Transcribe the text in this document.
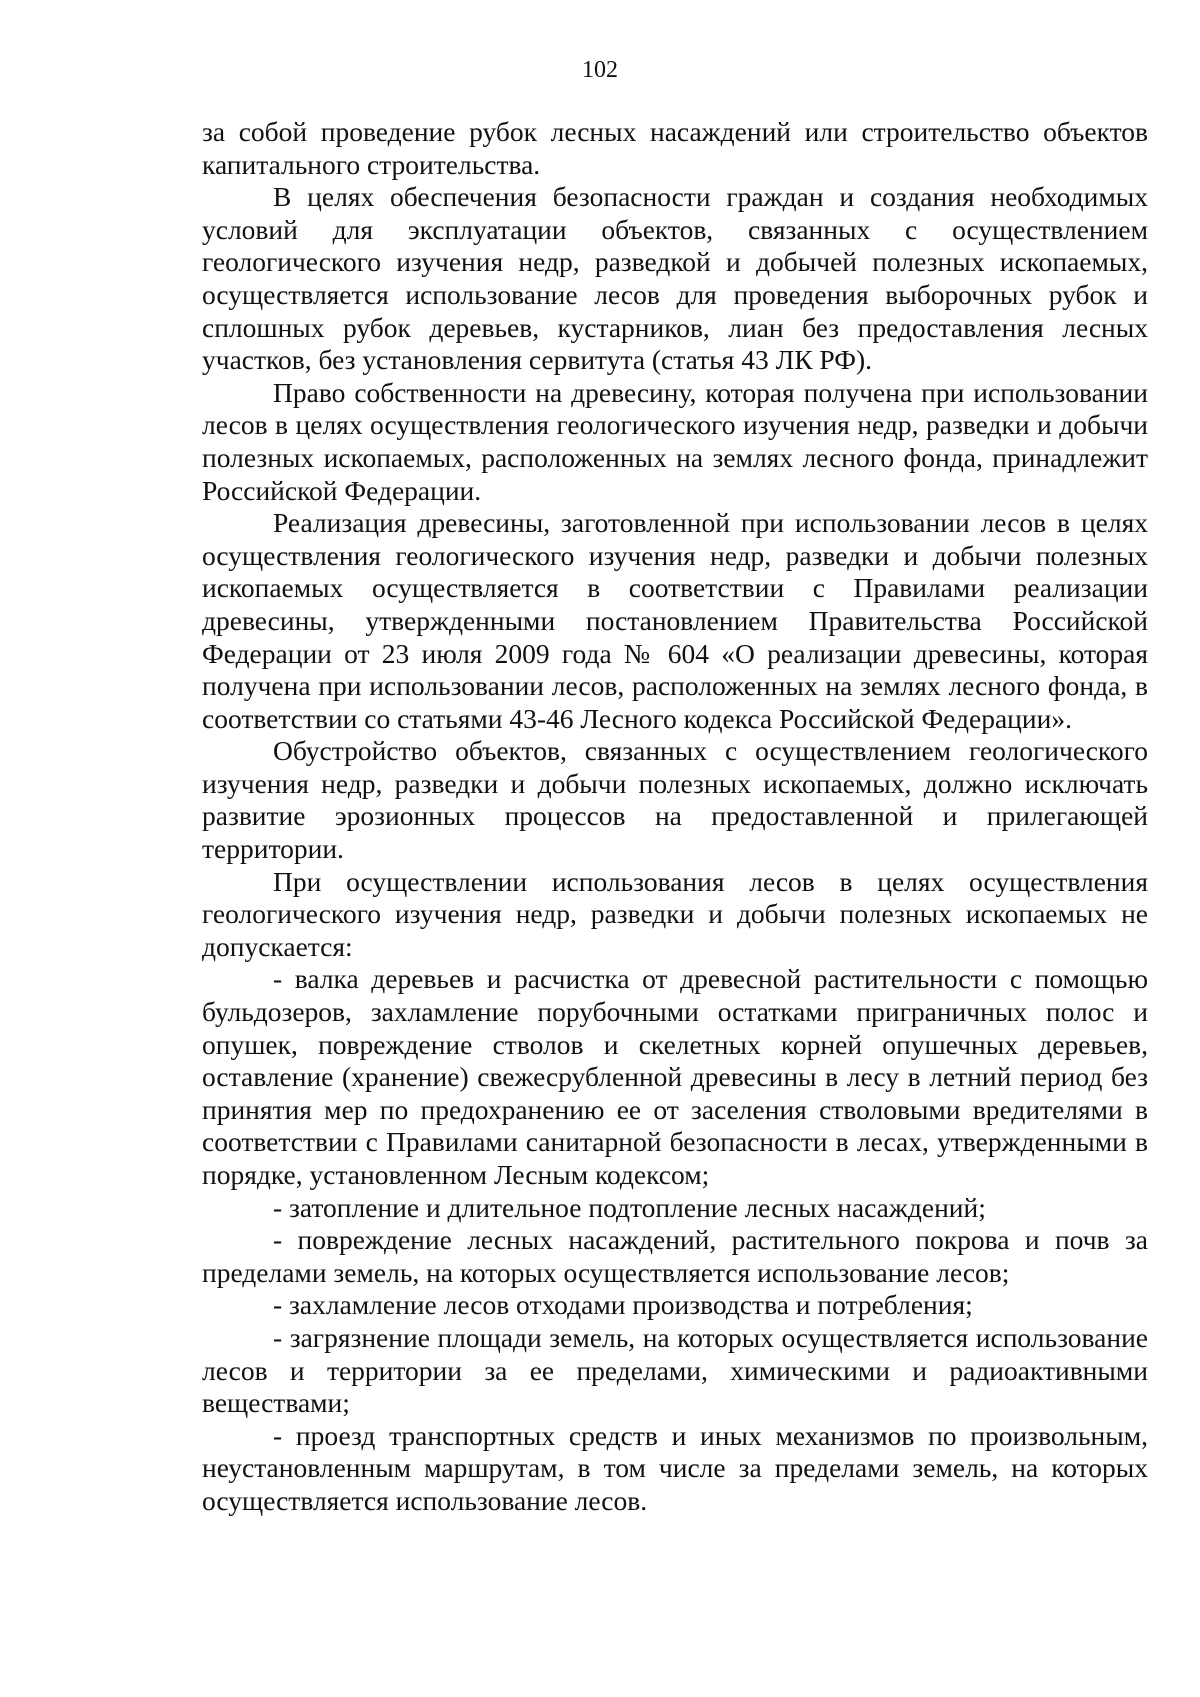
102

за собой проведение рубок лесных насаждений или строительство объектов капитального строительства.

В целях обеспечения безопасности граждан и создания необходимых условий для эксплуатации объектов, связанных с осуществлением геологического изучения недр, разведкой и добычей полезных ископаемых, осуществляется использование лесов для проведения выборочных рубок и сплошных рубок деревьев, кустарников, лиан без предоставления лесных участков, без установления сервитута (статья 43 ЛК РФ).

Право собственности на древесину, которая получена при использовании лесов в целях осуществления геологического изучения недр, разведки и добычи полезных ископаемых, расположенных на землях лесного фонда, принадлежит Российской Федерации.

Реализация древесины, заготовленной при использовании лесов в целях осуществления геологического изучения недр, разведки и добычи полезных ископаемых осуществляется в соответствии с Правилами реализации древесины, утвержденными постановлением Правительства Российской Федерации от 23 июля 2009 года № 604 «О реализации древесины, которая получена при использовании лесов, расположенных на землях лесного фонда, в соответствии со статьями 43-46 Лесного кодекса Российской Федерации».

Обустройство объектов, связанных с осуществлением геологического изучения недр, разведки и добычи полезных ископаемых, должно исключать развитие эрозионных процессов на предоставленной и прилегающей территории.

При осуществлении использования лесов в целях осуществления геологического изучения недр, разведки и добычи полезных ископаемых не допускается:

- валка деревьев и расчистка от древесной растительности с помощью бульдозеров, захламление порубочными остатками приграничных полос и опушек, повреждение стволов и скелетных корней опушечных деревьев, оставление (хранение) свежесрубленной древесины в лесу в летний период без принятия мер по предохранению ее от заселения стволовыми вредителями в соответствии с Правилами санитарной безопасности в лесах, утвержденными в порядке, установленном Лесным кодексом;

- затопление и длительное подтопление лесных насаждений;

- повреждение лесных насаждений, растительного покрова и почв за пределами земель, на которых осуществляется использование лесов;

- захламление лесов отходами производства и потребления;

- загрязнение площади земель, на которых осуществляется использование лесов и территории за ее пределами, химическими и радиоактивными веществами;

- проезд транспортных средств и иных механизмов по произвольным, неустановленным маршрутам, в том числе за пределами земель, на которых осуществляется использование лесов.
